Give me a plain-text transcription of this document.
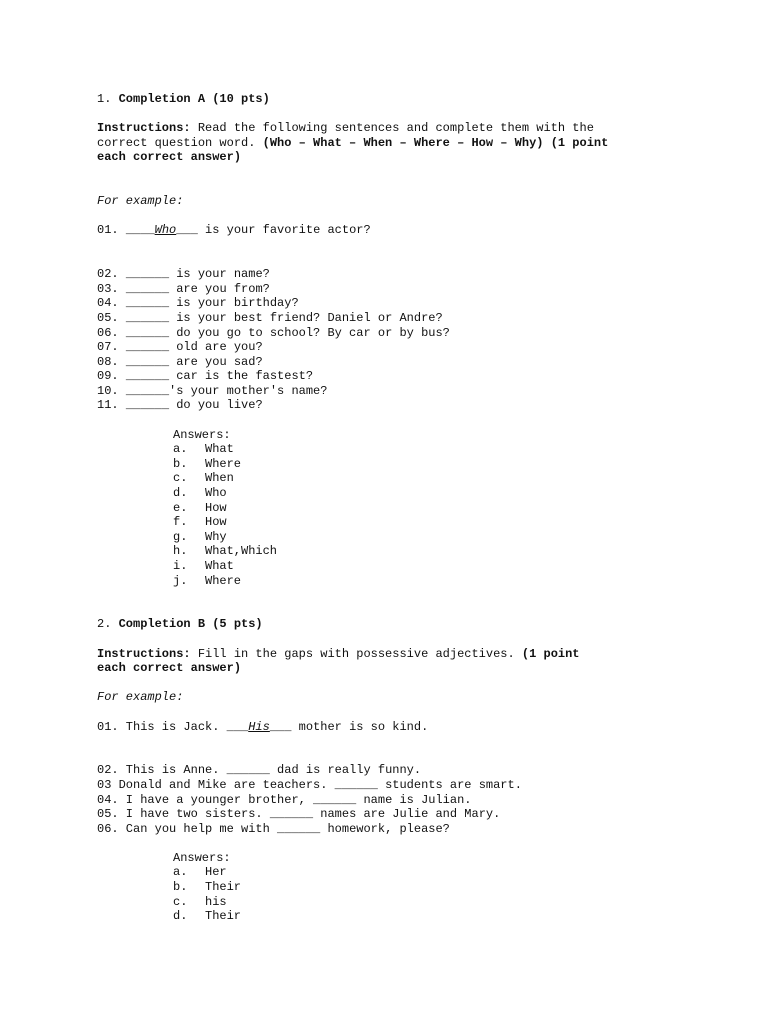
1. Completion A (10 pts)
Instructions: Read the following sentences and complete them with the
correct question word. (Who – What – When – Where – How – Why) (1 point
each correct answer)
For example:
01. ____Who___ is your favorite actor?
02. ______ is your name?
03. ______ are you from?
04. ______ is your birthday?
05. ______ is your best friend? Daniel or Andre?
06. ______ do you go to school? By car or by bus?
07. ______ old are you?
08. ______ are you sad?
09. ______ car is the fastest?
10. ______'s your mother's name?
11. ______ do you live?
Answers:
a. What
b. Where
c. When
d. Who
e. How
f. How
g. Why
h. What,Which
i. What
j. Where
2. Completion B (5 pts)
Instructions: Fill in the gaps with possessive adjectives. (1 point
each correct answer)
For example:
01. This is Jack. ___His___ mother is so kind.
02. This is Anne. ______ dad is really funny.
03 Donald and Mike are teachers. ______ students are smart.
04. I have a younger brother, ______ name is Julian.
05. I have two sisters. ______ names are Julie and Mary.
06. Can you help me with ______ homework, please?
Answers:
a. Her
b. Their
c. his
d. Their
